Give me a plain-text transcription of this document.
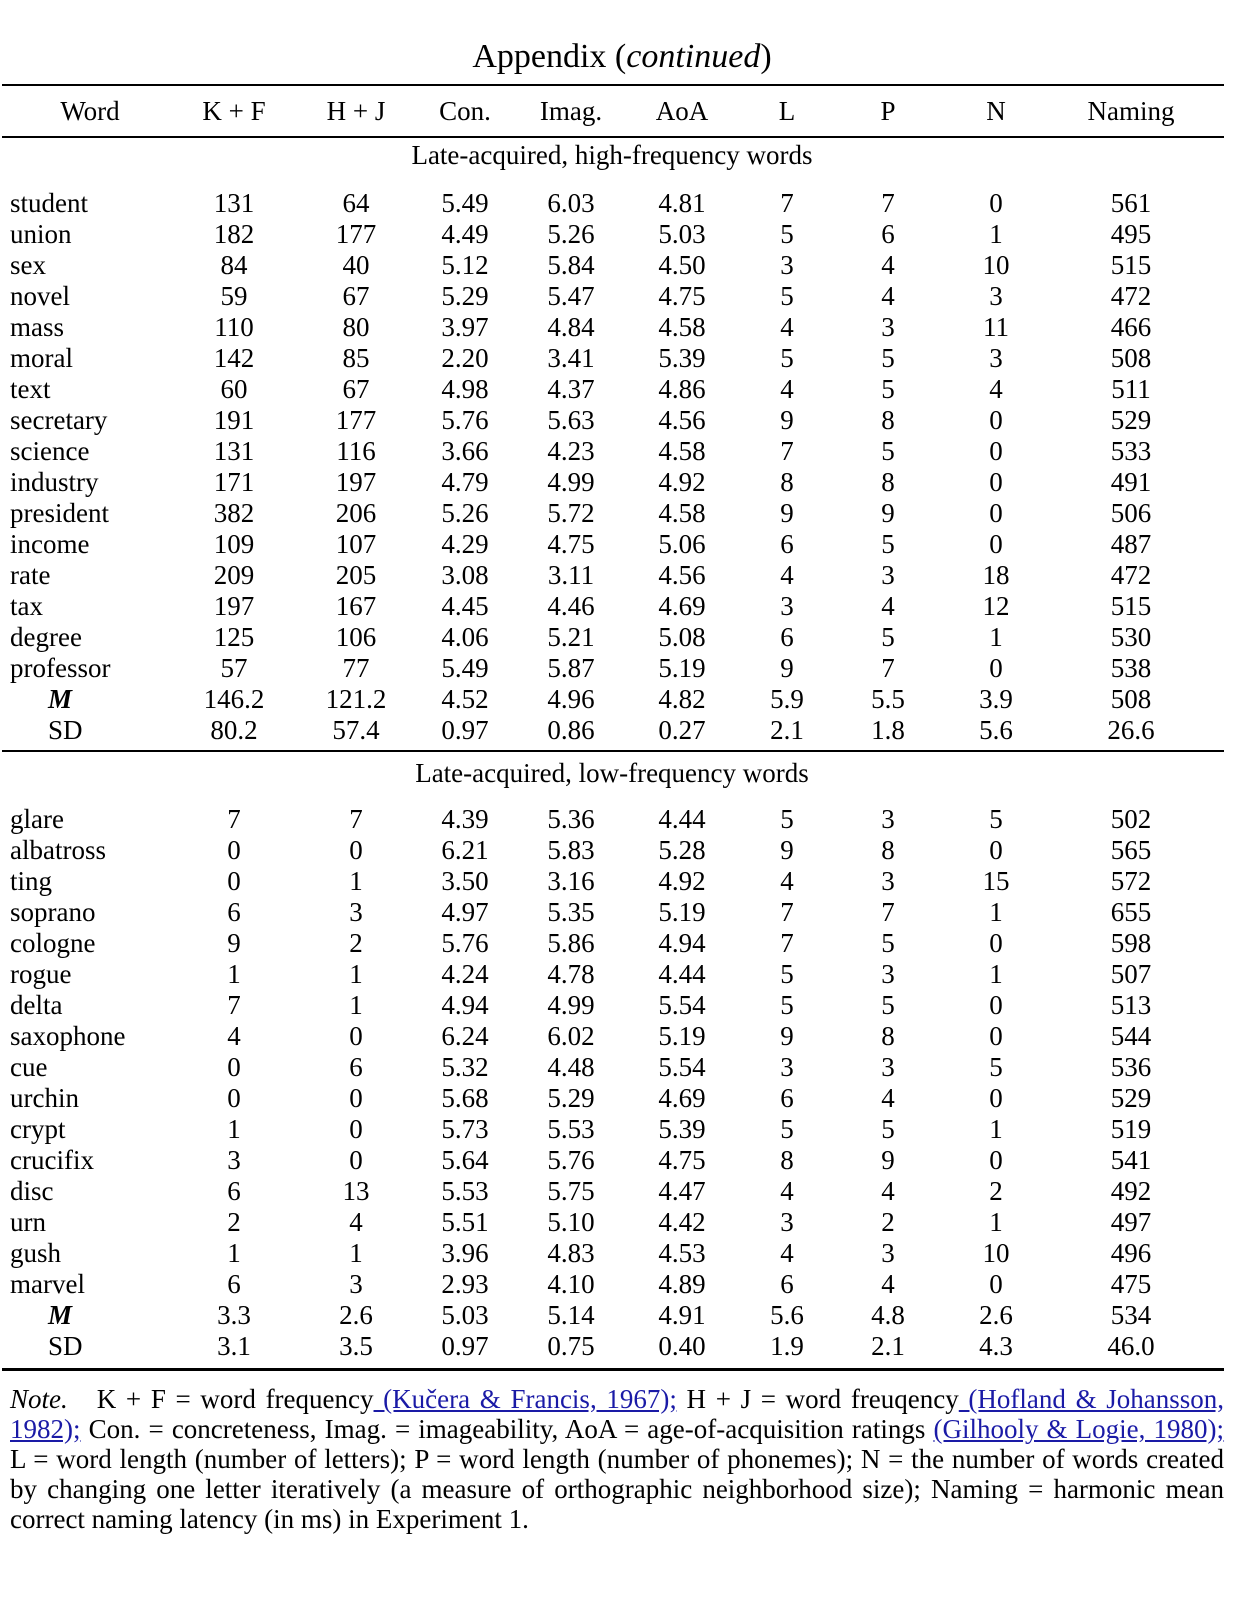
Appendix (continued)
Word	K + F	H + J	Con.	Imag.	AoA	L	P	N	Naming
Late-acquired, high-frequency words
student	131	64	5.49	6.03	4.81	7	7	0	561
union	182	177	4.49	5.26	5.03	5	6	1	495
sex	84	40	5.12	5.84	4.50	3	4	10	515
novel	59	67	5.29	5.47	4.75	5	4	3	472
mass	110	80	3.97	4.84	4.58	4	3	11	466
moral	142	85	2.20	3.41	5.39	5	5	3	508
text	60	67	4.98	4.37	4.86	4	5	4	511
secretary	191	177	5.76	5.63	4.56	9	8	0	529
science	131	116	3.66	4.23	4.58	7	5	0	533
industry	171	197	4.79	4.99	4.92	8	8	0	491
president	382	206	5.26	5.72	4.58	9	9	0	506
income	109	107	4.29	4.75	5.06	6	5	0	487
rate	209	205	3.08	3.11	4.56	4	3	18	472
tax	197	167	4.45	4.46	4.69	3	4	12	515
degree	125	106	4.06	5.21	5.08	6	5	1	530
professor	57	77	5.49	5.87	5.19	9	7	0	538
M	146.2	121.2	4.52	4.96	4.82	5.9	5.5	3.9	508
SD	80.2	57.4	0.97	0.86	0.27	2.1	1.8	5.6	26.6
Late-acquired, low-frequency words
glare	7	7	4.39	5.36	4.44	5	3	5	502
albatross	0	0	6.21	5.83	5.28	9	8	0	565
ting	0	1	3.50	3.16	4.92	4	3	15	572
soprano	6	3	4.97	5.35	5.19	7	7	1	655
cologne	9	2	5.76	5.86	4.94	7	5	0	598
rogue	1	1	4.24	4.78	4.44	5	3	1	507
delta	7	1	4.94	4.99	5.54	5	5	0	513
saxophone	4	0	6.24	6.02	5.19	9	8	0	544
cue	0	6	5.32	4.48	5.54	3	3	5	536
urchin	0	0	5.68	5.29	4.69	6	4	0	529
crypt	1	0	5.73	5.53	5.39	5	5	1	519
crucifix	3	0	5.64	5.76	4.75	8	9	0	541
disc	6	13	5.53	5.75	4.47	4	4	2	492
urn	2	4	5.51	5.10	4.42	3	2	1	497
gush	1	1	3.96	4.83	4.53	4	3	10	496
marvel	6	3	2.93	4.10	4.89	6	4	0	475
M	3.3	2.6	5.03	5.14	4.91	5.6	4.8	2.6	534
SD	3.1	3.5	0.97	0.75	0.40	1.9	2.1	4.3	46.0
Note. K + F = word frequency (Kučera & Francis, 1967); H + J = word freuqency (Hofland & Johansson, 1982); Con. = concreteness, Imag. = imageability, AoA = age-of-acquisition ratings (Gilhooly & Logie, 1980); L = word length (number of letters); P = word length (number of phonemes); N = the number of words created by changing one letter iteratively (a measure of orthographic neighborhood size); Naming = harmonic mean correct naming latency (in ms) in Experiment 1.
